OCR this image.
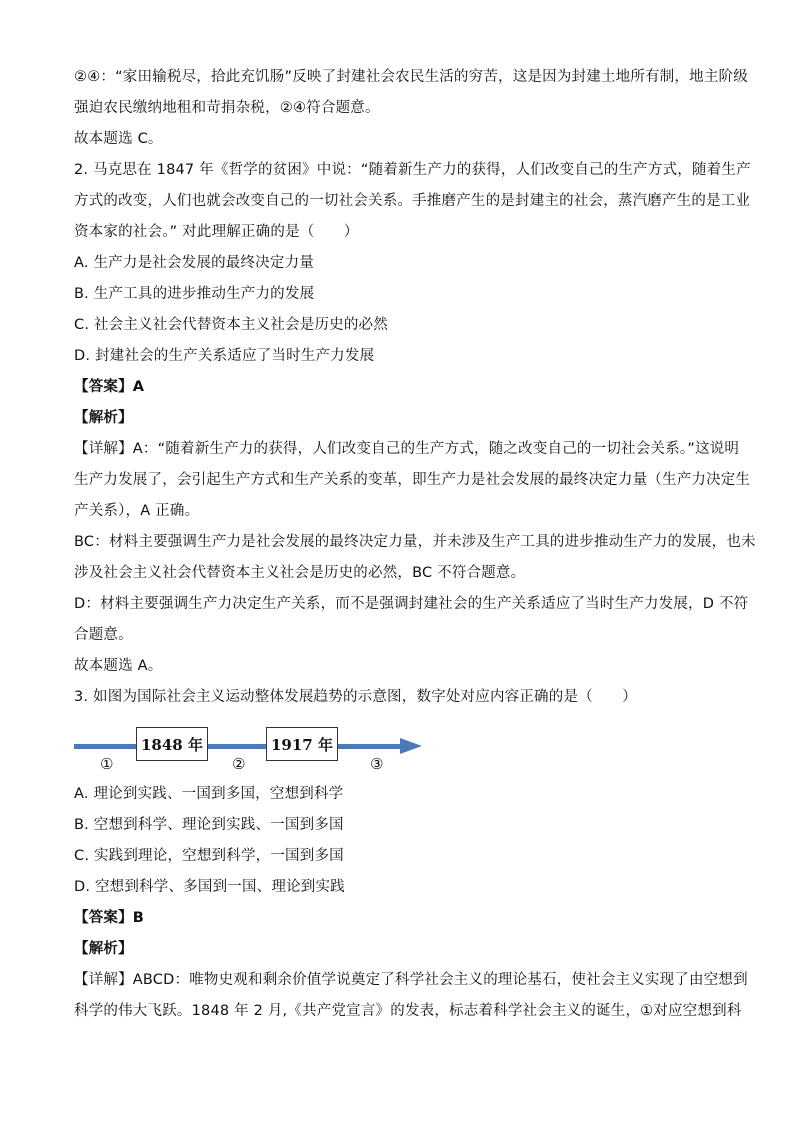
②④：“家田输税尽，拾此充饥肠”反映了封建社会农民生活的穷苦，这是因为封建土地所有制，地主阶级
强迫农民缴纳地租和苛捐杂税，②④符合题意。
故本题选 C。
2. 马克思在 1847 年《哲学的贫困》中说：“随着新生产力的获得，人们改变自己的生产方式，随着生产
方式的改变，人们也就会改变自己的一切社会关系。手推磨产生的是封建主的社会，蒸汽磨产生的是工业
资本家的社会。” 对此理解正确的是（　　）
A. 生产力是社会发展的最终决定力量
B. 生产工具的进步推动生产力的发展
C. 社会主义社会代替资本主义社会是历史的必然
D. 封建社会的生产关系适应了当时生产力发展
【答案】A
【解析】
【详解】A：“随着新生产力的获得，人们改变自己的生产方式，随之改变自己的一切社会关系。”这说明
生产力发展了，会引起生产方式和生产关系的变革，即生产力是社会发展的最终决定力量（生产力决定生
产关系），A 正确。
BC：材料主要强调生产力是社会发展的最终决定力量，并未涉及生产工具的进步推动生产力的发展，也未
涉及社会主义社会代替资本主义社会是历史的必然，BC 不符合题意。
D：材料主要强调生产力决定生产关系，而不是强调封建社会的生产关系适应了当时生产力发展，D 不符
合题意。
故本题选 A。
3. 如图为国际社会主义运动整体发展趋势的示意图，数字处对应内容正确的是（　　）
1848 年	1917 年
①	②	③
A. 理论到实践、一国到多国，空想到科学
B. 空想到科学、理论到实践、一国到多国
C. 实践到理论，空想到科学，一国到多国
D. 空想到科学、多国到一国、理论到实践
【答案】B
【解析】
【详解】ABCD：唯物史观和剩余价值学说奠定了科学社会主义的理论基石，使社会主义实现了由空想到
科学的伟大飞跃。1848 年 2 月,《共产党宣言》的发表，标志着科学社会主义的诞生，①对应空想到科
